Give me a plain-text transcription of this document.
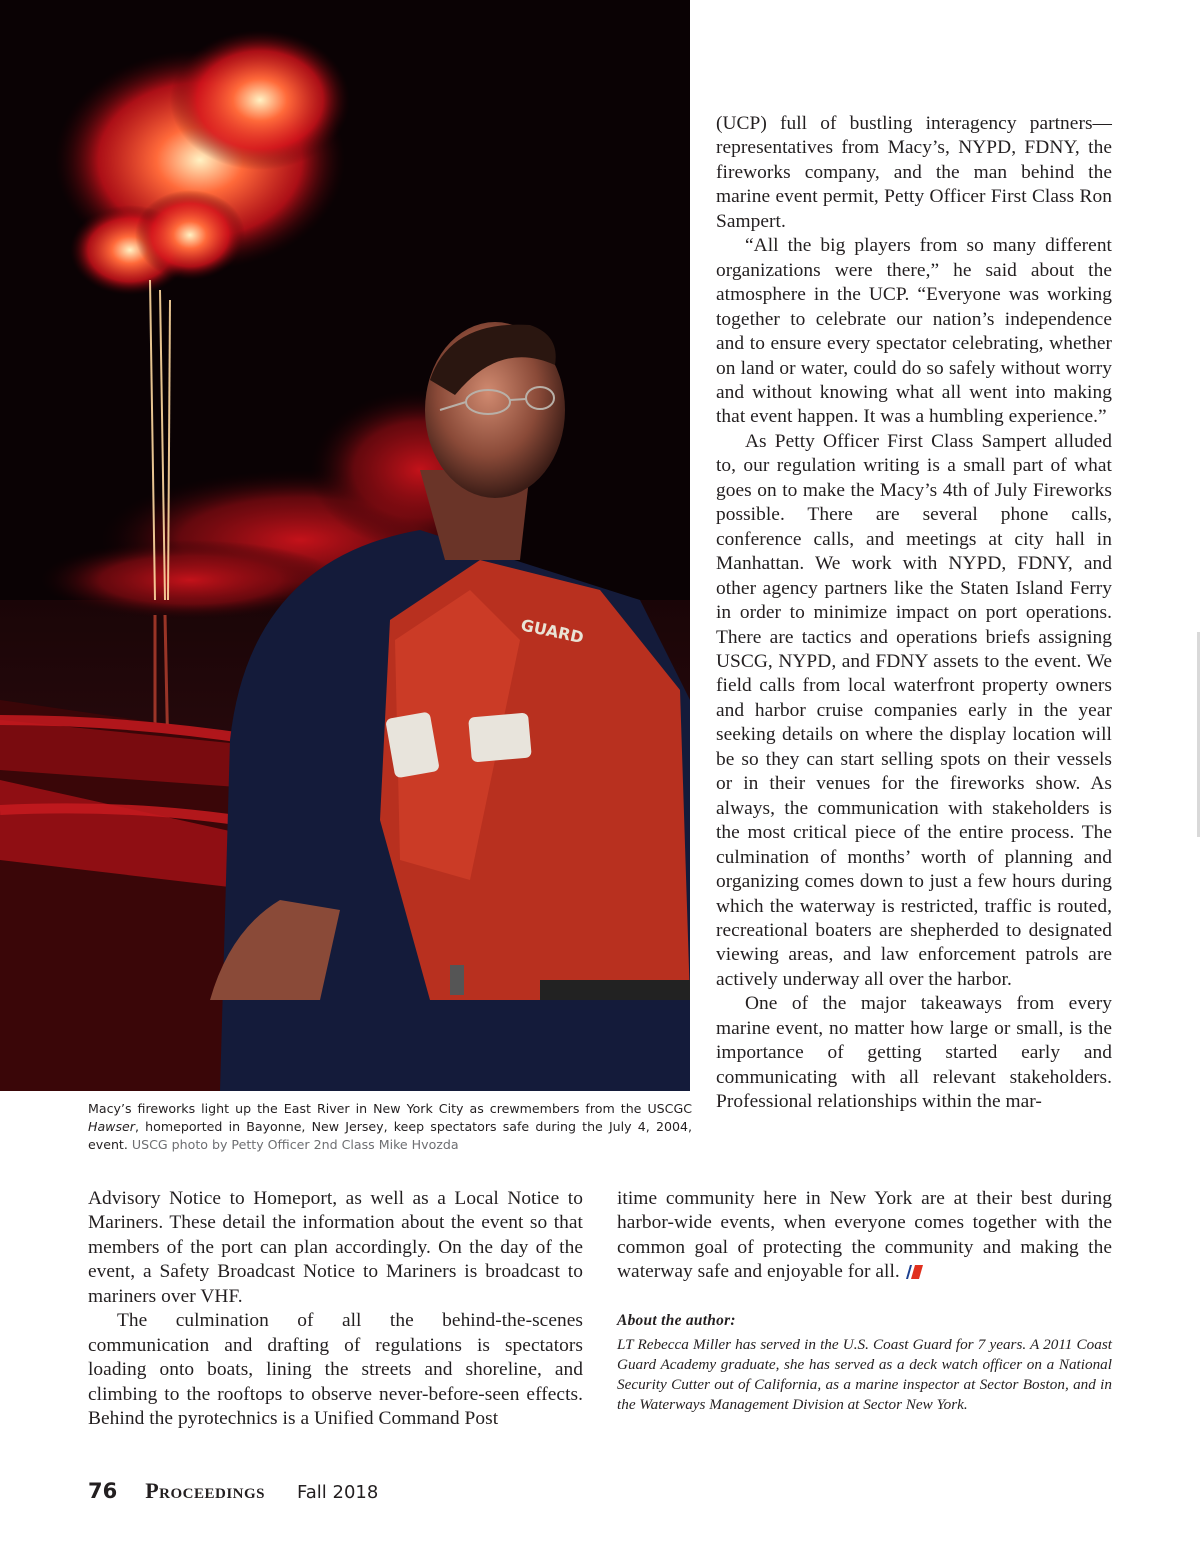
GUARD
Macy’s fireworks light up the East River in New York City as crewmembers from the USCGC Hawser, homeported in Bayonne, New Jersey, keep spectators safe during the July 4, 2004, event. USCG photo by Petty Officer 2nd Class Mike Hvozda

(UCP) full of bustling interagency partners—representatives from Macy’s, NYPD, FDNY, the fireworks company, and the man behind the marine event permit, Petty Officer First Class Ron Sampert.

“All the big players from so many different organizations were there,” he said about the atmosphere in the UCP. “Everyone was working together to celebrate our nation’s independence and to ensure every spectator celebrating, whether on land or water, could do so safely without worry and without knowing what all went into making that event happen. It was a humbling experience.”

As Petty Officer First Class Sampert alluded to, our regulation writing is a small part of what goes on to make the Macy’s 4th of July Fireworks possible. There are several phone calls, conference calls, and meetings at city hall in Manhattan. We work with NYPD, FDNY, and other agency partners like the Staten Island Ferry in order to minimize impact on port operations. There are tactics and operations briefs assigning USCG, NYPD, and FDNY assets to the event. We field calls from local waterfront property owners and harbor cruise companies early in the year seeking details on where the display location will be so they can start selling spots on their vessels or in their venues for the fireworks show. As always, the communication with stakeholders is the most critical piece of the entire process. The culmination of months’ worth of planning and organizing comes down to just a few hours during which the waterway is restricted, traffic is routed, recreational boaters are shepherded to designated viewing areas, and law enforcement patrols are actively underway all over the harbor.

One of the major takeaways from every marine event, no matter how large or small, is the importance of getting started early and communicating with all relevant stakeholders. Professional relationships within the mar-

itime community here in New York are at their best during harbor-wide events, when everyone comes together with the common goal of protecting the community and making the waterway safe and enjoyable for all.

Advisory Notice to Homeport, as well as a Local Notice to Mariners. These detail the information about the event so that members of the port can plan accordingly. On the day of the event, a Safety Broadcast Notice to Mariners is broadcast to mariners over VHF.

The culmination of all the behind-the-scenes communication and drafting of regulations is spectators loading onto boats, lining the streets and shoreline, and climbing to the rooftops to observe never-before-seen effects. Behind the pyrotechnics is a Unified Command Post

About the author:

LT Rebecca Miller has served in the U.S. Coast Guard for 7 years. A 2011 Coast Guard Academy graduate, she has served as a deck watch officer on a National Security Cutter out of California, as a marine inspector at Sector Boston, and in the Waterways Management Division at Sector New York.

76 Proceedings Fall 2018
